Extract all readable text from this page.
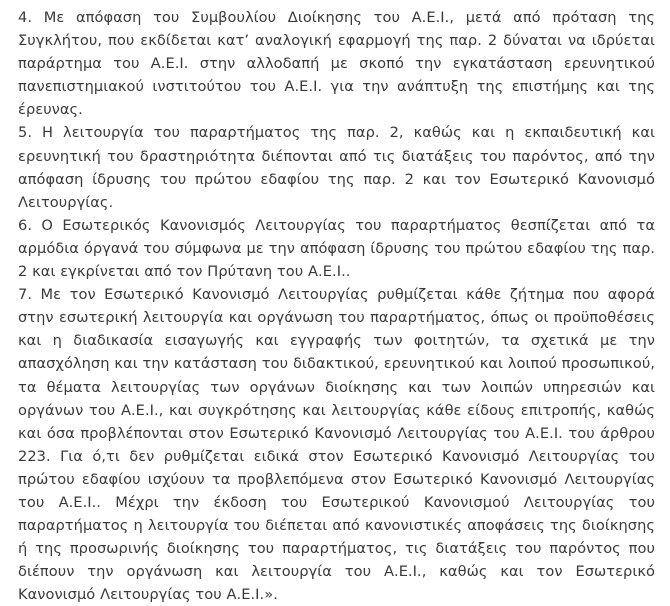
4. Με απόφαση του Συμβουλίου Διοίκησης του Α.Ε.Ι., μετά από πρόταση της Συγκλήτου, που εκδίδεται κατ’ αναλογική εφαρμογή της παρ. 2 δύναται να ιδρύεται παράρτημα του Α.Ε.Ι. στην αλλοδαπή με σκοπό την εγκατάσταση ερευνητικού πανεπιστημιακού ινστιτούτου του Α.Ε.Ι. για την ανάπτυξη της επιστήμης και της έρευνας.

5. Η λειτουργία του παραρτήματος της παρ. 2, καθώς και η εκπαιδευτική και ερευνητική του δραστηριότητα διέπονται από τις διατάξεις του παρόντος, από την απόφαση ίδρυσης του πρώτου εδαφίου της παρ. 2 και τον Εσωτερικό Κανονισμό Λειτουργίας.

6. Ο Εσωτερικός Κανονισμός Λειτουργίας του παραρτήματος θεσπίζεται από τα αρμόδια όργανά του σύμφωνα με την απόφαση ίδρυσης του πρώτου εδαφίου της παρ. 2 και εγκρίνεται από τον Πρύτανη του Α.Ε.Ι..

7. Με τον Εσωτερικό Κανονισμό Λειτουργίας ρυθμίζεται κάθε ζήτημα που αφορά στην εσωτερική λειτουργία και οργάνωση του παραρτήματος, όπως οι προϋποθέσεις και η διαδικασία εισαγωγής και εγγραφής των φοιτητών, τα σχετικά με την απασχόληση και την κατάσταση του διδακτικού, ερευνητικού και λοιπού προσωπικού, τα θέματα λειτουργίας των οργάνων διοίκησης και των λοιπών υπηρεσιών και οργάνων του Α.Ε.Ι., και συγκρότησης και λειτουργίας κάθε είδους επιτροπής, καθώς και όσα προβλέπονται στον Εσωτερικό Κανονισμό Λειτουργίας του Α.Ε.Ι. του άρθρου 223. Για ό,τι δεν ρυθμίζεται ειδικά στον Εσωτερικό Κανονισμό Λειτουργίας του πρώτου εδαφίου ισχύουν τα προβλεπόμενα στον Εσωτερικό Κανονισμό Λειτουργίας του Α.Ε.Ι.. Μέχρι την έκδοση του Εσωτερικού Κανονισμού Λειτουργίας του παραρτήματος η λειτουργία του διέπεται από κανονιστικές αποφάσεις της διοίκησης ή της προσωρινής διοίκησης του παραρτήματος, τις διατάξεις του παρόντος που διέπουν την οργάνωση και λειτουργία του Α.Ε.Ι., καθώς και τον Εσωτερικό Κανονισμό Λειτουργίας του Α.Ε.Ι.».
